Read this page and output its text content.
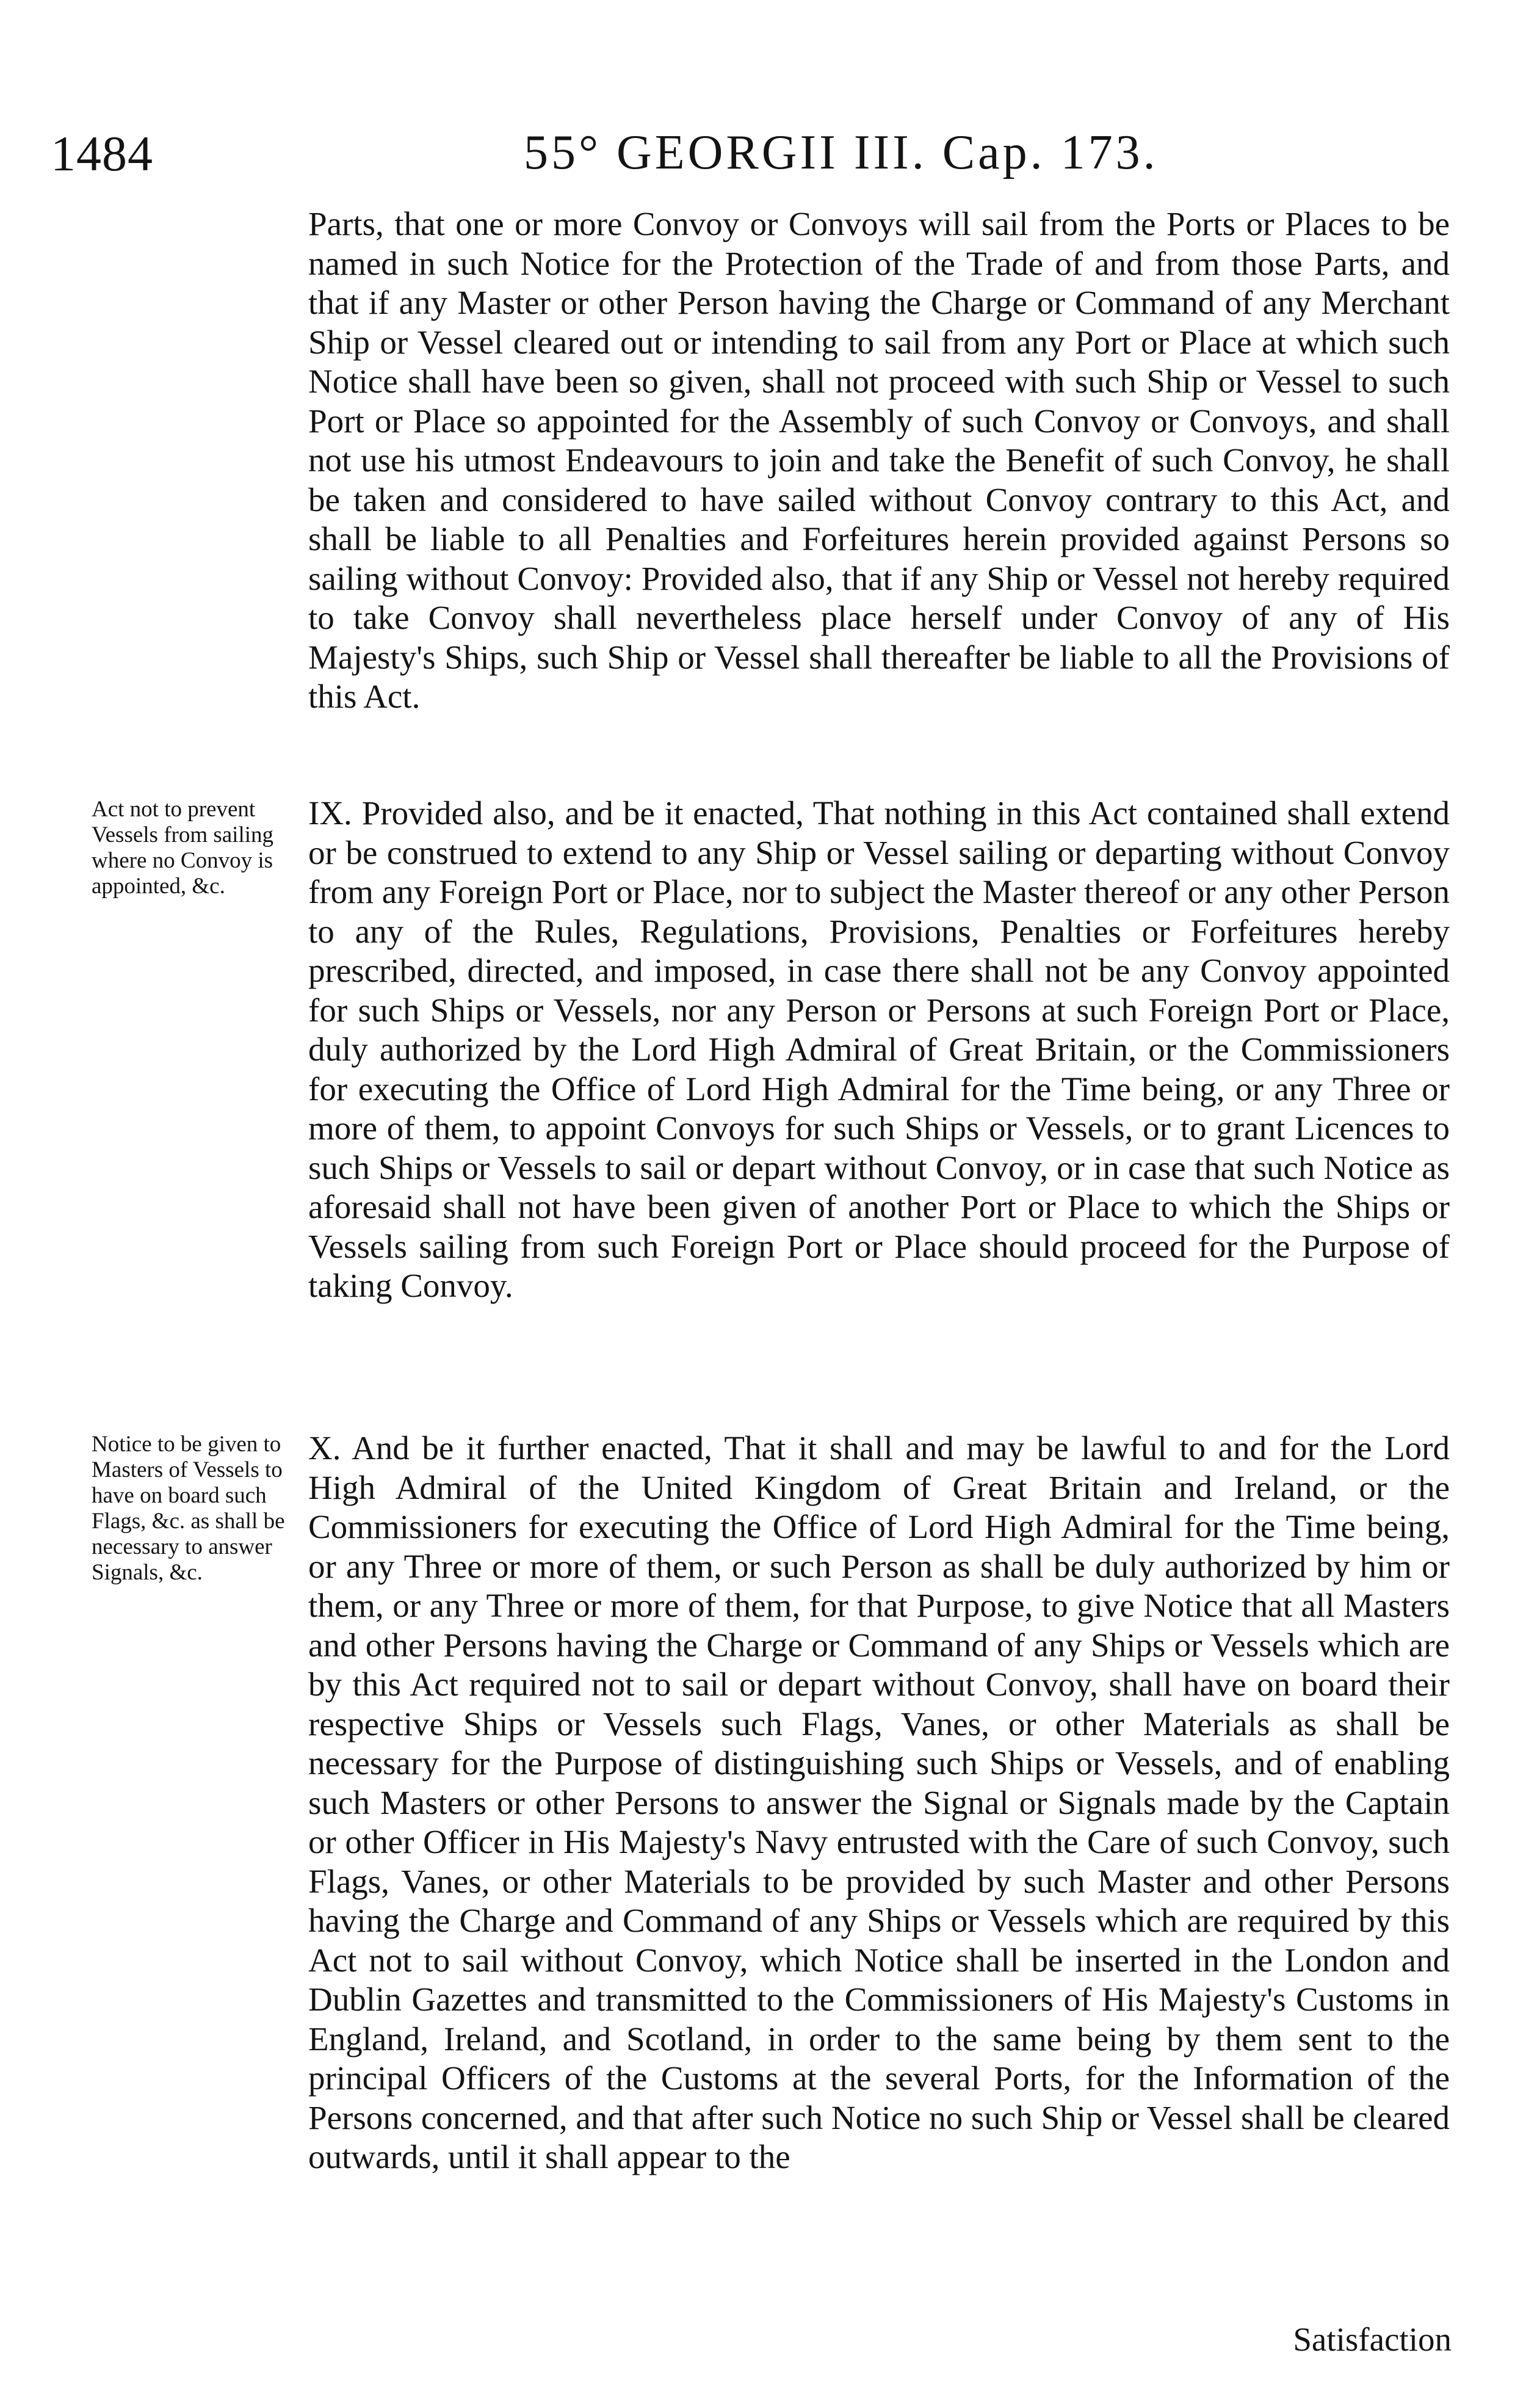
1484	55° GEORGII III. Cap. 173.

Parts, that one or more Convoy or Convoys will sail from the Ports or Places to be named in such Notice for the Protection of the Trade of and from those Parts, and that if any Master or other Person having the Charge or Command of any Merchant Ship or Vessel cleared out or intending to sail from any Port or Place at which such Notice shall have been so given, shall not proceed with such Ship or Vessel to such Port or Place so appointed for the Assembly of such Convoy or Convoys, and shall not use his utmost Endeavours to join and take the Benefit of such Convoy, he shall be taken and considered to have sailed without Convoy contrary to this Act, and shall be liable to all Penalties and Forfeitures herein provided against Persons so sailing without Convoy: Provided also, that if any Ship or Vessel not hereby required to take Convoy shall nevertheless place herself under Convoy of any of His Majesty's Ships, such Ship or Vessel shall thereafter be liable to all the Provisions of this Act.

Act not to prevent Vessels from sailing where no Convoy is appointed, &c.

IX. Provided also, and be it enacted, That nothing in this Act contained shall extend or be construed to extend to any Ship or Vessel sailing or departing without Convoy from any Foreign Port or Place, nor to subject the Master thereof or any other Person to any of the Rules, Regulations, Provisions, Penalties or Forfeitures hereby prescribed, directed, and imposed, in case there shall not be any Convoy appointed for such Ships or Vessels, nor any Person or Persons at such Foreign Port or Place, duly authorized by the Lord High Admiral of Great Britain, or the Commissioners for executing the Office of Lord High Admiral for the Time being, or any Three or more of them, to appoint Convoys for such Ships or Vessels, or to grant Licences to such Ships or Vessels to sail or depart without Convoy, or in case that such Notice as aforesaid shall not have been given of another Port or Place to which the Ships or Vessels sailing from such Foreign Port or Place should proceed for the Purpose of taking Convoy.

Notice to be given to Masters of Vessels to have on board such Flags, &c. as shall be necessary to answer Signals, &c.

X. And be it further enacted, That it shall and may be lawful to and for the Lord High Admiral of the United Kingdom of Great Britain and Ireland, or the Commissioners for executing the Office of Lord High Admiral for the Time being, or any Three or more of them, or such Person as shall be duly authorized by him or them, or any Three or more of them, for that Purpose, to give Notice that all Masters and other Persons having the Charge or Command of any Ships or Vessels which are by this Act required not to sail or depart without Convoy, shall have on board their respective Ships or Vessels such Flags, Vanes, or other Materials as shall be necessary for the Purpose of distinguishing such Ships or Vessels, and of enabling such Masters or other Persons to answer the Signal or Signals made by the Captain or other Officer in His Majesty's Navy entrusted with the Care of such Convoy, such Flags, Vanes, or other Materials to be provided by such Master and other Persons having the Charge and Command of any Ships or Vessels which are required by this Act not to sail without Convoy, which Notice shall be inserted in the London and Dublin Gazettes and transmitted to the Commissioners of His Majesty's Customs in England, Ireland, and Scotland, in order to the same being by them sent to the principal Officers of the Customs at the several Ports, for the Information of the Persons concerned, and that after such Notice no such Ship or Vessel shall be cleared outwards, until it shall appear to the

Satisfaction
